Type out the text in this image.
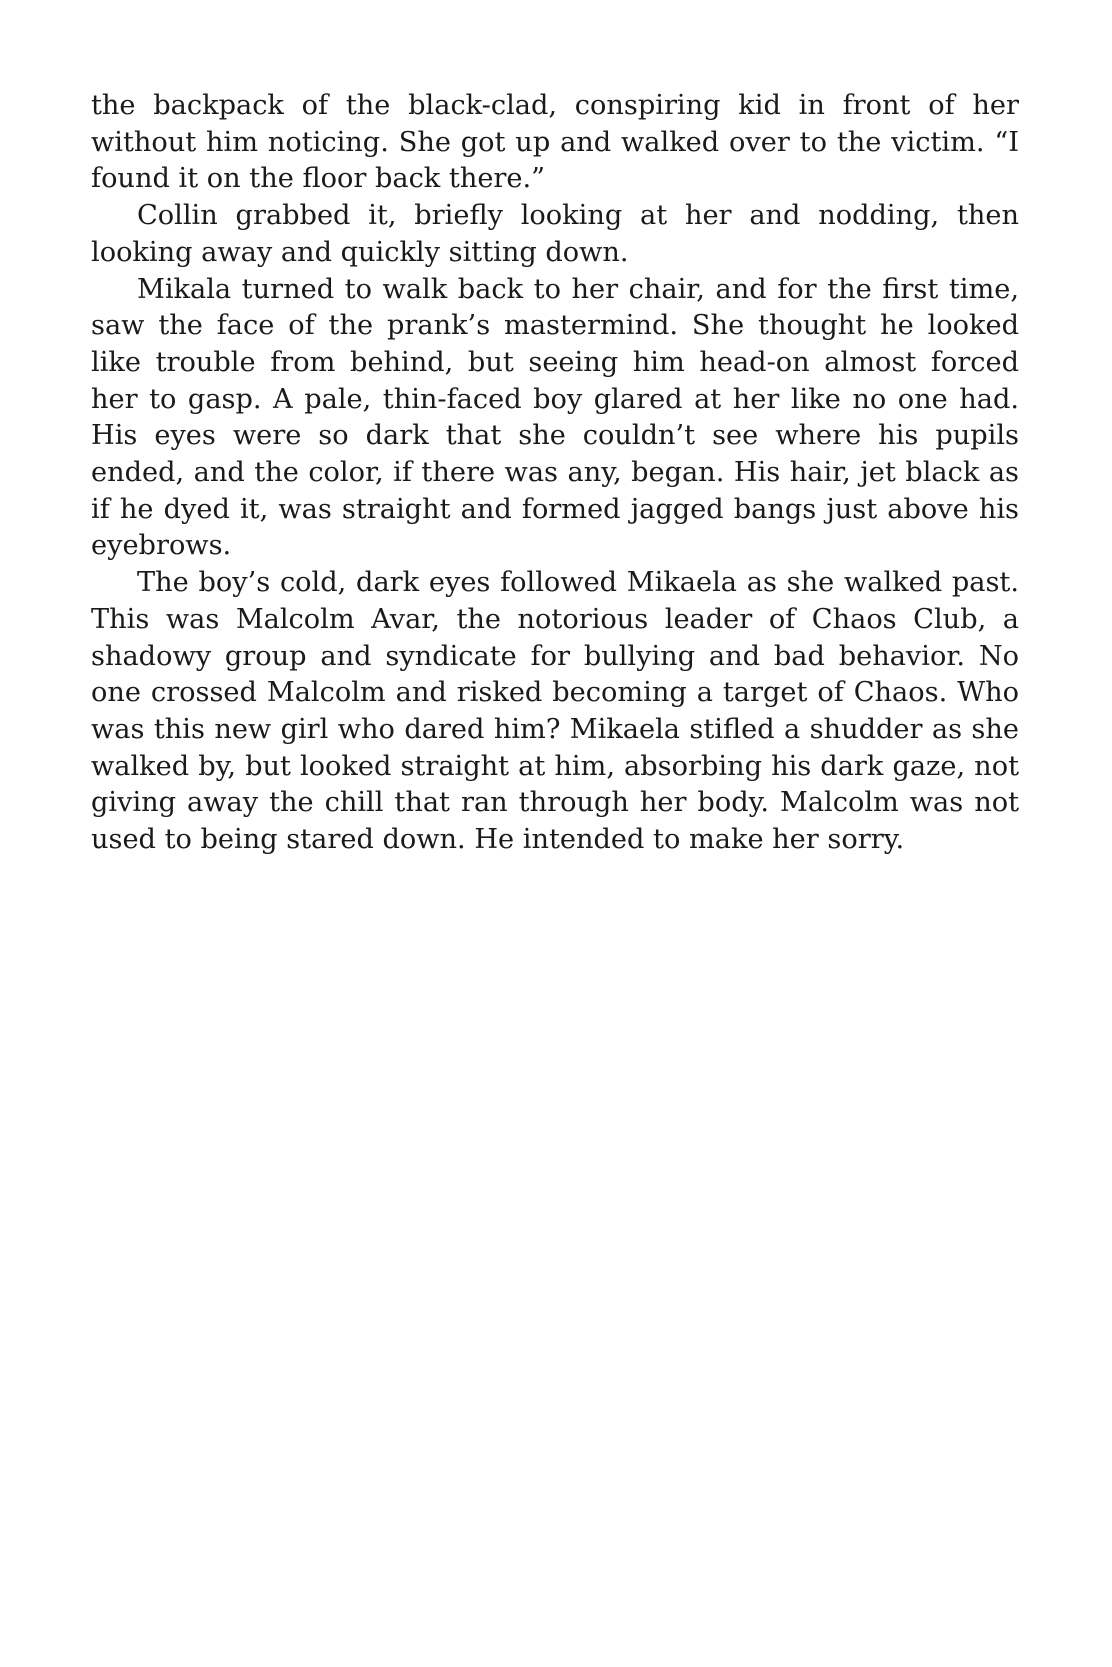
the backpack of the black-clad, conspiring kid in front of her without him noticing. She got up and walked over to the victim. “I found it on the floor back there.”

Collin grabbed it, briefly looking at her and nodding, then looking away and quickly sitting down.

Mikala turned to walk back to her chair, and for the first time, saw the face of the prank’s mastermind. She thought he looked like trouble from behind, but seeing him head-on almost forced her to gasp. A pale, thin-faced boy glared at her like no one had. His eyes were so dark that she couldn’t see where his pupils ended, and the color, if there was any, began. His hair, jet black as if he dyed it, was straight and formed jagged bangs just above his eyebrows.

The boy’s cold, dark eyes followed Mikaela as she walked past. This was Malcolm Avar, the notorious leader of Chaos Club, a shadowy group and syndicate for bullying and bad behavior. No one crossed Malcolm and risked becoming a target of Chaos. Who was this new girl who dared him? Mikaela stifled a shudder as she walked by, but looked straight at him, absorbing his dark gaze, not giving away the chill that ran through her body. Malcolm was not used to being stared down. He intended to make her sorry.
